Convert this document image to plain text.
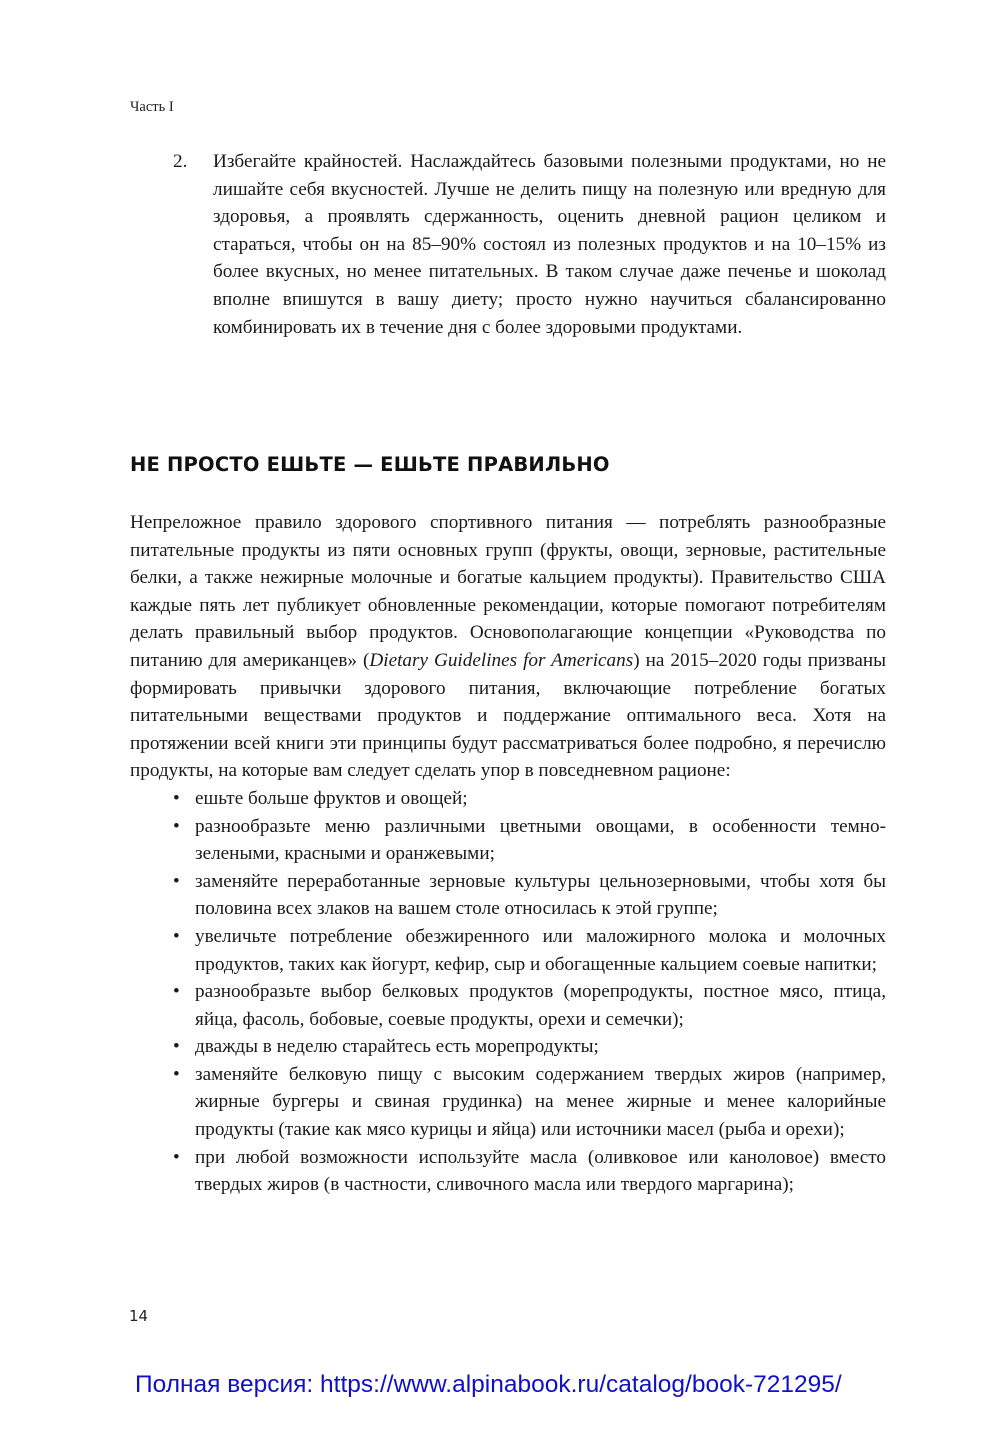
Часть I
2. Избегайте крайностей. Наслаждайтесь базовыми полезными продуктами, но не лишайте себя вкусностей. Лучше не делить пищу на полезную или вредную для здоровья, а проявлять сдержанность, оценить дневной рацион целиком и стараться, чтобы он на 85–90% состоял из полезных продуктов и на 10–15% из более вкусных, но менее питательных. В таком случае даже печенье и шоколад вполне впишутся в вашу диету; просто нужно научиться сбалансированно комбинировать их в течение дня с более здоровыми продуктами.
НЕ ПРОСТО ЕШЬТЕ — ЕШЬТЕ ПРАВИЛЬНО

Непреложное правило здорового спортивного питания — потреблять разнообразные питательные продукты из пяти основных групп (фрукты, овощи, зерновые, растительные белки, а также нежирные молочные и богатые кальцием продукты). Правительство США каждые пять лет публикует обновленные рекомендации, которые помогают потребителям делать правильный выбор продуктов. Основополагающие концепции «Руководства по питанию для американцев» (Dietary Guidelines for Americans) на 2015–2020 годы призваны формировать привычки здорового питания, включающие потребление богатых питательными веществами продуктов и поддержание оптимального веса. Хотя на протяжении всей книги эти принципы будут рассматриваться более подробно, я перечислю продукты, на которые вам следует сделать упор в повседневном рационе:

• ешьте больше фруктов и овощей;
• разнообразьте меню различными цветными овощами, в особенности темно-зелеными, красными и оранжевыми;
• заменяйте переработанные зерновые культуры цельнозерновыми, чтобы хотя бы половина всех злаков на вашем столе относилась к этой группе;
• увеличьте потребление обезжиренного или маложирного молока и молочных продуктов, таких как йогурт, кефир, сыр и обогащенные кальцием соевые напитки;
• разнообразьте выбор белковых продуктов (морепродукты, постное мясо, птица, яйца, фасоль, бобовые, соевые продукты, орехи и семечки);
• дважды в неделю старайтесь есть морепродукты;
• заменяйте белковую пищу с высоким содержанием твердых жиров (например, жирные бургеры и свиная грудинка) на менее жирные и менее калорийные продукты (такие как мясо курицы и яйца) или источники масел (рыба и орехи);
• при любой возможности используйте масла (оливковое или каноловое) вместо твердых жиров (в частности, сливочного масла или твердого маргарина);
14
Полная версия: https://www.alpinabook.ru/catalog/book-721295/
